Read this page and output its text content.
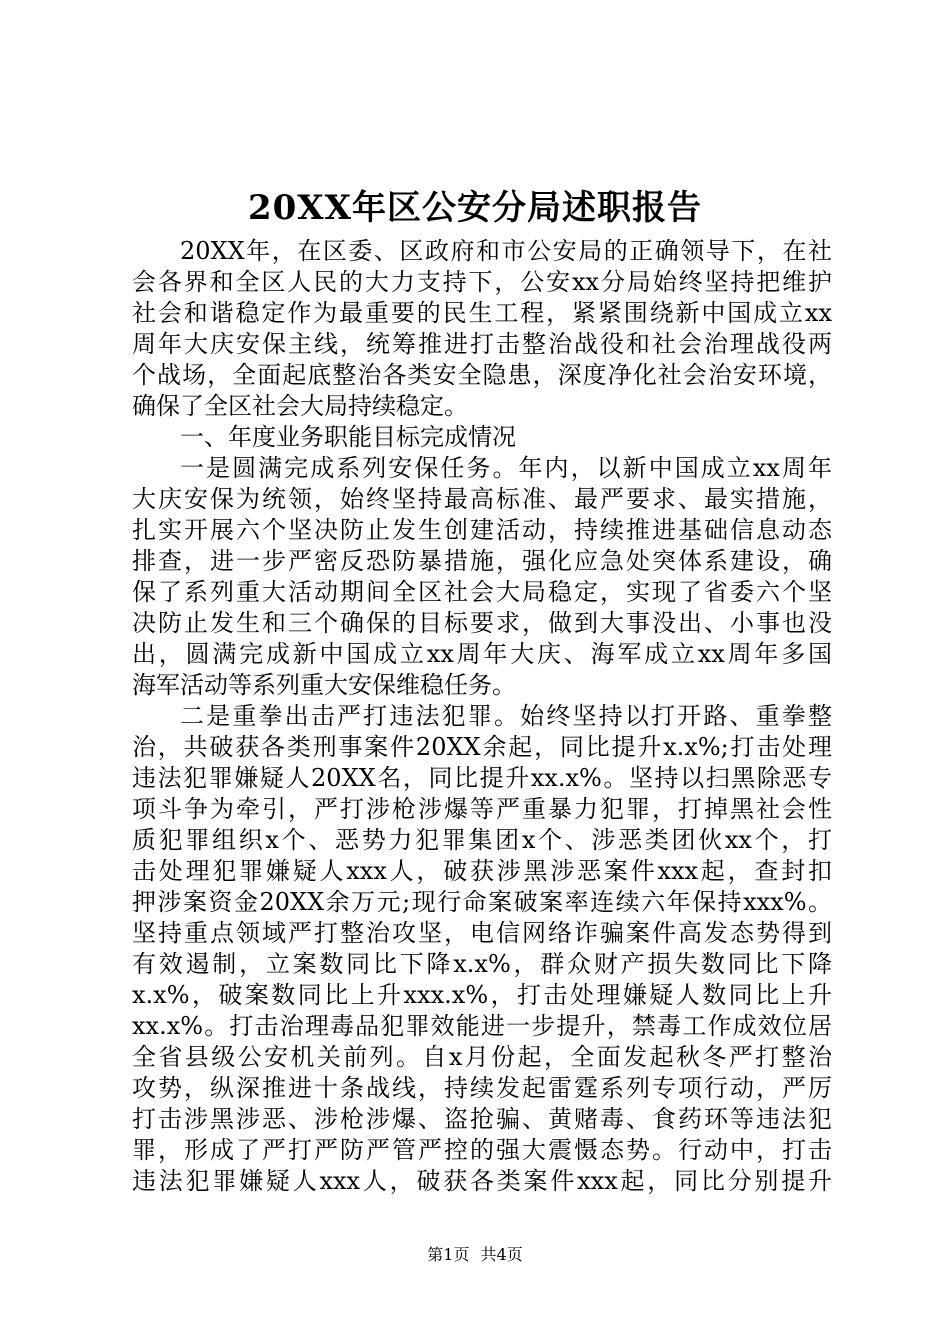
20XX年区公安分局述职报告
20XX年，在区委、区政府和市公安局的正确领导下，在社
会各界和全区人民的大力支持下，公安xx分局始终坚持把维护
社会和谐稳定作为最重要的民生工程，紧紧围绕新中国成立xx
周年大庆安保主线，统筹推进打击整治战役和社会治理战役两
个战场，全面起底整治各类安全隐患，深度净化社会治安环境，
确保了全区社会大局持续稳定。
一、年度业务职能目标完成情况
一是圆满完成系列安保任务。年内，以新中国成立xx周年
大庆安保为统领，始终坚持最高标准、最严要求、最实措施，
扎实开展六个坚决防止发生创建活动，持续推进基础信息动态
排查，进一步严密反恐防暴措施，强化应急处突体系建设，确
保了系列重大活动期间全区社会大局稳定，实现了省委六个坚
决防止发生和三个确保的目标要求，做到大事没出、小事也没
出，圆满完成新中国成立xx周年大庆、海军成立xx周年多国
海军活动等系列重大安保维稳任务。
二是重拳出击严打违法犯罪。始终坚持以打开路、重拳整
治，共破获各类刑事案件20XX余起，同比提升x.x%;打击处理
违法犯罪嫌疑人20XX名，同比提升xx.x%。坚持以扫黑除恶专
项斗争为牵引，严打涉枪涉爆等严重暴力犯罪，打掉黑社会性
质犯罪组织x个、恶势力犯罪集团x个、涉恶类团伙xx个，打
击处理犯罪嫌疑人xxx人，破获涉黑涉恶案件xxx起，查封扣
押涉案资金20XX余万元;现行命案破案率连续六年保持xxx%。
坚持重点领域严打整治攻坚，电信网络诈骗案件高发态势得到
有效遏制，立案数同比下降x.x%，群众财产损失数同比下降
x.x%，破案数同比上升xxx.x%，打击处理嫌疑人数同比上升
xx.x%。打击治理毒品犯罪效能进一步提升，禁毒工作成效位居
全省县级公安机关前列。自x月份起，全面发起秋冬严打整治
攻势，纵深推进十条战线，持续发起雷霆系列专项行动，严厉
打击涉黑涉恶、涉枪涉爆、盗抢骗、黄赌毒、食药环等违法犯
罪，形成了严打严防严管严控的强大震慑态势。行动中，打击
违法犯罪嫌疑人xxx人，破获各类案件xxx起，同比分别提升
第1页 共4页
